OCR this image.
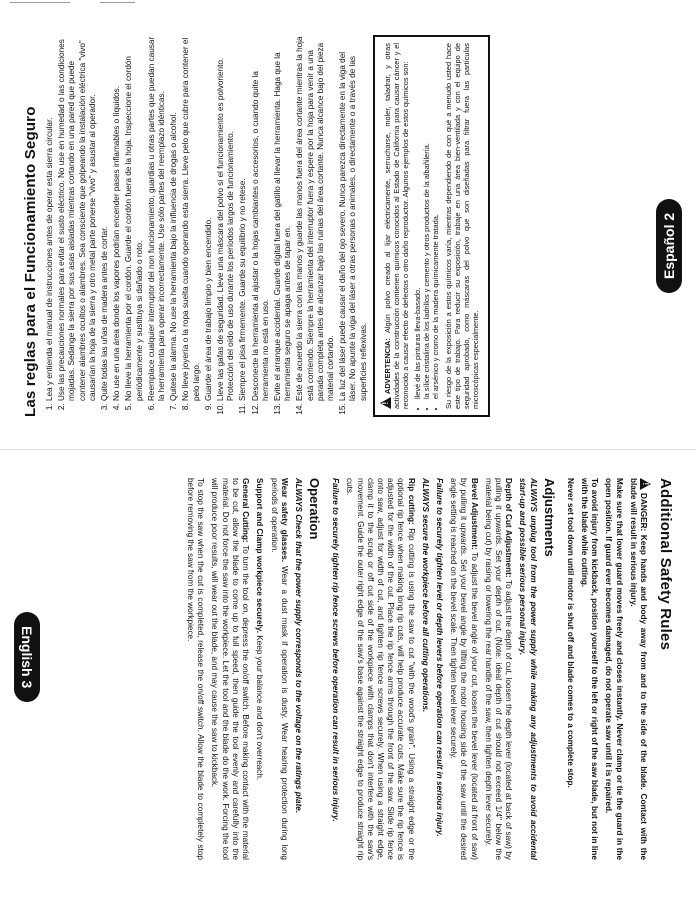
Las reglas para el Funcionamiento Seguro 1. Lea y entienda el manual de instrucciones antes de operar esta sierra circular. 2. Use las precauciones normales para evitar el susto eléctrico. No use en humedad o las condiciones mojadas. Sedange la sierra por sus asas aisladas mientras cortando en una pared que puede contener alambres ocultos o alambres. Sea consciente que golpeando la instalación eléctrica "vivo" causarían la hoja de la sierra y otro metal parte ponerse "vivo" y asustar al operador. 3. Quite todas las uñas de madera antes de cortar. 4. No use en una área donde los vapores podrían encender pases inflamables o líquidos. 5. No lleve la herramienta por el cordón. Guarde el cordón fuera de la hoja. Inspeccione el cordón periódicamente y sustituya si dañado o roto. 6. Reemplace cualquier interruptor del non funcionamiento, guardias u otras partes que puedan causar la herramienta para operar incorrectamente. Use sólo partes del reemplazo idénticas. 7. Quitese la alarma. No use la herramienta bajo la influencia de drogas o alcohol. 8. No lleve joyería o la ropa suelta cuando operando esta sierra. Lleve pelo que cubre para contener el pelo largo. 9. Guarde el área de trabajo limpio y bien encendido. 10. Lleve las gafas de seguridad. Lleve una máscara del polvo si el funcionamiento es polvoriento. Protección del oído de uso durante los períodos largos de funcionamiento. 11. Siempre el pisa firmemente. Guarde su equilibrio y no retese. 12. Desconecte la herramienta al ajustar o la hojas cambiantes o accesorios, o cuando quite la herramienta no está en uso. 13. Evite el arranque accidental. Guarde dígital fuera del gatillo al llevar la herramienta. Haga que la herramienta seguro se apaga antes de tapar en. 14. Esté de acuerdo la sierra con las manos y guarde las manos fuera del área cortante mientras la hoja está corriendo. Siempre la herramienta del interruptor fuera y espere por la hoja para venir a una parada completa antes de alcanzar bajo las ruinas del área cortante. Nunca alcance bajo del pieza material cortando. 15. La luz del láser puede causar el daño del ojo severo. Nunca parezca directamente en la viga del láser. No apunte la viga del láser a otras personas o animales, o directamente o a través de las superficies reflexivas.

!
ADVERTENCIA: Algún polvo creado al lijar eléctricamente, serrucharse, moler, taladrar, y otras actividades de la construcción contienen químicos conocidos al Estado de California para causar cáncer y el reconocido a causar efecto de defectos o otro daño reproductor. Algunos ejemplos de estos químicos son: • llevé de las pinturas lleva-basado. • la sílice cristalina de los ladrillos y cemento y otros productos de la albañilería. • el arsénico y cromo de la madera químicamente tratada. Su riesgo de la exposición a estos químicos varía, mientras dependiendo de con qué a menudo usted hace este tipo de trabajo. Para reducir su exposición, trabaje en una área bien-ventilada y con el equipo de seguridad aprobado, como máscaras del polvo que son diseñadas para filtrar fuera las partículas microscópicas especialmente.

Español 2
Additional Safety Rules

!
DANGER: Keep hands and body away from and to the side of the blade. Contact with the blade will result in serious injury.

Make sure that lower guard moves freely and closes instantly. Never clamp or tie the guard in the open position. If guard ever becomes damaged, do not operate saw until it is repaired.

To avoid injury from kickback, position yourself to the left or right of the saw blade, but not in line with the blade while cutting.

Never set tool down until motor is shut off and blade comes to a complete stop.

Adjustments

ALWAYS unplug tool from the power supply while making any adjustments to avoid accidental start-up and possible serious personal injury.

Depth of Cut Adjustment: To adjust the depth of cut, loosen the depth lever (located at back of saw) by pulling it upwards. Set your depth of cut. (Note: ideal depth of cut should not exceed 1/4" below the material being cut) by raising or lowering the rear handle of the saw, then tighten depth lever securely.

Bevel Adjustment: To adjust the bevel angle of your cut, loosen the bevel lever (located at front of saw) by pulling it upwards. Set your bevel angle by lifting the motor housing side of the saw until the desired angle setting is reached on the bevel scale. Then tighten bevel lever securely.

Failure to securely tighten level or depth levers before operation can result in serious injury.

ALWAYS secure the workpiece before all cutting operations.

Rip cutting: Rip cutting is using the saw to cut "with the wood's grain". Using a straight edge or the optional rip fence when making long rip cuts, will help produce accurate cuts. Make sure the rip fence is adjusted for the width of the cut. Place the rip fence arms through the front of the saw. Slide rip fence onto saw, adjust for width of cut, and tighten rip fence screws securely. When using a straight edge, clamp it to the scrap or off cut side of the workpiece with clamps that don't interfere with the saw's movement. Guide the outer right edge of the saw's base against the straight edge to produce straight rip cuts.

Failure to securely tighten rip fence screws before operation can result in serious injury.

Operation

ALWAYS Check that the power supply corresponds to the voltage on the ratings plate.

Wear safety glasses. Wear a dust mask if operation is dusty. Wear hearing protection during long periods of operation.

Support and Clamp workpiece securely. Keep your balance and don't overreach.

General Cutting: To turn the tool on, depress the on/off switch. Before making contact with the material to be cut, allow the blade to come up to full speed, then guide the tool evenly and carefully into the material. Do not force the saw into the workpiece. Let the tool and the blade do the work. Forcing the tool will produce poor results, will wear out the blade, and may cause the saw to kickback.

To stop the saw when the cut is completed, release the on/off switch. Allow the blade to completely stop before removing the saw from the workpiece.

English 3
